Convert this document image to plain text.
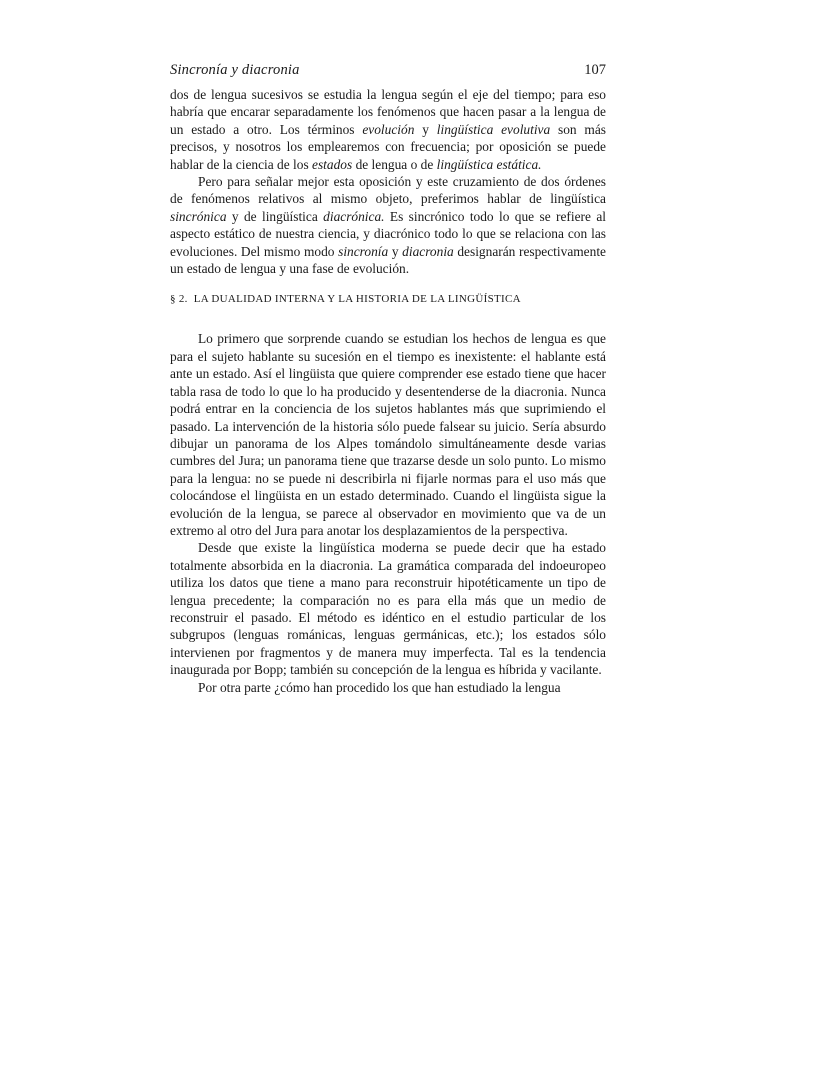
Sincronía y diacronia	107

dos de lengua sucesivos se estudia la lengua según el eje del tiempo; para eso habría que encarar separadamente los fenómenos que hacen pasar a la lengua de un estado a otro. Los términos evolución y lingüística evolutiva son más precisos, y nosotros los emplearemos con frecuencia; por oposición se puede hablar de la ciencia de los estados de lengua o de lingüística estática.

Pero para señalar mejor esta oposición y este cruzamiento de dos órdenes de fenómenos relativos al mismo objeto, preferimos hablar de lingüística sincrónica y de lingüística diacrónica. Es sincrónico todo lo que se refiere al aspecto estático de nuestra ciencia, y diacrónico todo lo que se relaciona con las evoluciones. Del mismo modo sincronía y diacronia designarán respectivamente un estado de lengua y una fase de evolución.

§ 2. LA DUALIDAD INTERNA Y LA HISTORIA DE LA LINGÜÍSTICA

Lo primero que sorprende cuando se estudian los hechos de lengua es que para el sujeto hablante su sucesión en el tiempo es inexistente: el hablante está ante un estado. Así el lingüista que quiere comprender ese estado tiene que hacer tabla rasa de todo lo que lo ha producido y desentenderse de la diacronia. Nunca podrá entrar en la conciencia de los sujetos hablantes más que suprimiendo el pasado. La intervención de la historia sólo puede falsear su juicio. Sería absurdo dibujar un panorama de los Alpes tomándolo simultáneamente desde varias cumbres del Jura; un panorama tiene que trazarse desde un solo punto. Lo mismo para la lengua: no se puede ni describirla ni fijarle normas para el uso más que colocándose el lingüista en un estado determinado. Cuando el lingüista sigue la evolución de la lengua, se parece al observador en movimiento que va de un extremo al otro del Jura para anotar los desplazamientos de la perspectiva.

Desde que existe la lingüística moderna se puede decir que ha estado totalmente absorbida en la diacronia. La gramática comparada del indoeuropeo utiliza los datos que tiene a mano para reconstruir hipotéticamente un tipo de lengua precedente; la comparación no es para ella más que un medio de reconstruir el pasado. El método es idéntico en el estudio particular de los subgrupos (lenguas románicas, lenguas germánicas, etc.); los estados sólo intervienen por fragmentos y de manera muy imperfecta. Tal es la tendencia inaugurada por Bopp; también su concepción de la lengua es híbrida y vacilante.

Por otra parte ¿cómo han procedido los que han estudiado la lengua
